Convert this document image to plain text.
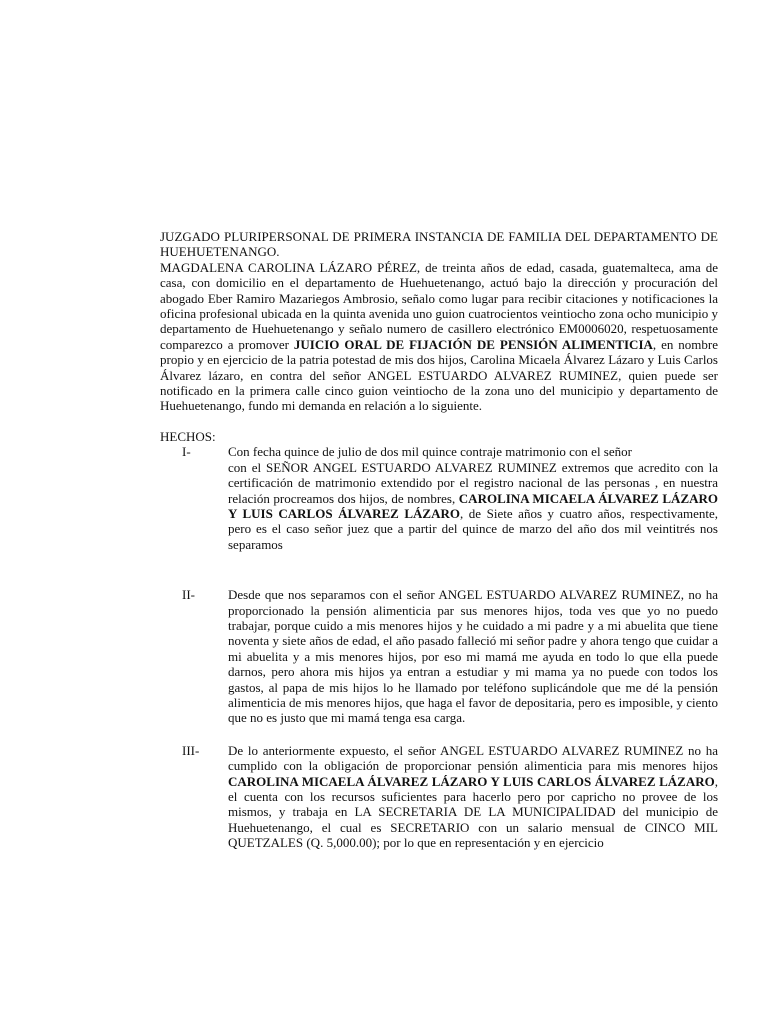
JUZGADO PLURIPERSONAL DE PRIMERA INSTANCIA DE FAMILIA DEL DEPARTAMENTO DE HUEHUETENANGO.

MAGDALENA CAROLINA LÁZARO PÉREZ, de treinta años de edad, casada, guatemalteca, ama de casa, con domicilio en el departamento de Huehuetenango, actuó bajo la dirección y procuración del abogado Eber Ramiro Mazariegos Ambrosio, señalo como lugar para recibir citaciones y notificaciones la oficina profesional ubicada en la quinta avenida uno guion cuatrocientos veintiocho zona ocho municipio y departamento de Huehuetenango y señalo numero de casillero electrónico EM0006020, respetuosamente comparezco a promover JUICIO ORAL DE FIJACIÓN DE PENSIÓN ALIMENTICIA, en nombre propio y en ejercicio de la patria potestad de mis dos hijos, Carolina Micaela Álvarez Lázaro y Luis Carlos Álvarez lázaro, en contra del señor ANGEL ESTUARDO ALVAREZ RUMINEZ, quien puede ser notificado en la primera calle cinco guion veintiocho de la zona uno del municipio y departamento de Huehuetenango, fundo mi demanda en relación a lo siguiente.

HECHOS:

I-	Con fecha quince de julio de dos mil quince contraje matrimonio con el señor
con el SEÑOR ANGEL ESTUARDO ALVAREZ RUMINEZ extremos que acredito con la certificación de matrimonio extendido por el registro nacional de las personas , en nuestra relación procreamos dos hijos, de nombres, CAROLINA MICAELA ÁLVAREZ LÁZARO Y LUIS CARLOS ÁLVAREZ LÁZARO, de Siete años y cuatro años, respectivamente, pero es el caso señor juez que a partir del quince de marzo del año dos mil veintitrés nos separamos
II-	Desde que nos separamos con el señor ANGEL ESTUARDO ALVAREZ RUMINEZ, no ha proporcionado la pensión alimenticia par sus menores hijos, toda ves que yo no puedo trabajar, porque cuido a mis menores hijos y he cuidado a mi padre y a mi abuelita que tiene noventa y siete años de edad, el año pasado falleció mi señor padre y ahora tengo que cuidar a mi abuelita y a mis menores hijos, por eso mi mamá me ayuda en todo lo que ella puede darnos, pero ahora mis hijos ya entran a estudiar y mi mama ya no puede con todos los gastos, al papa de mis hijos lo he llamado por teléfono suplicándole que me dé la pensión alimenticia de mis menores hijos, que haga el favor de depositaria, pero es imposible, y ciento que no es justo que mi mamá tenga esa carga.
III- De lo anteriormente expuesto, el señor ANGEL ESTUARDO ALVAREZ RUMINEZ no ha cumplido con la obligación de proporcionar pensión alimenticia para mis menores hijos CAROLINA MICAELA ÁLVAREZ LÁZARO Y LUIS CARLOS ÁLVAREZ LÁZARO, el cuenta con los recursos suficientes para hacerlo pero por capricho no provee de los mismos, y trabaja en LA SECRETARIA DE LA MUNICIPALIDAD del municipio de Huehuetenango, el cual es SECRETARIO con un salario mensual de CINCO MIL QUETZALES (Q. 5,000.00); por lo que en representación y en ejercicio
